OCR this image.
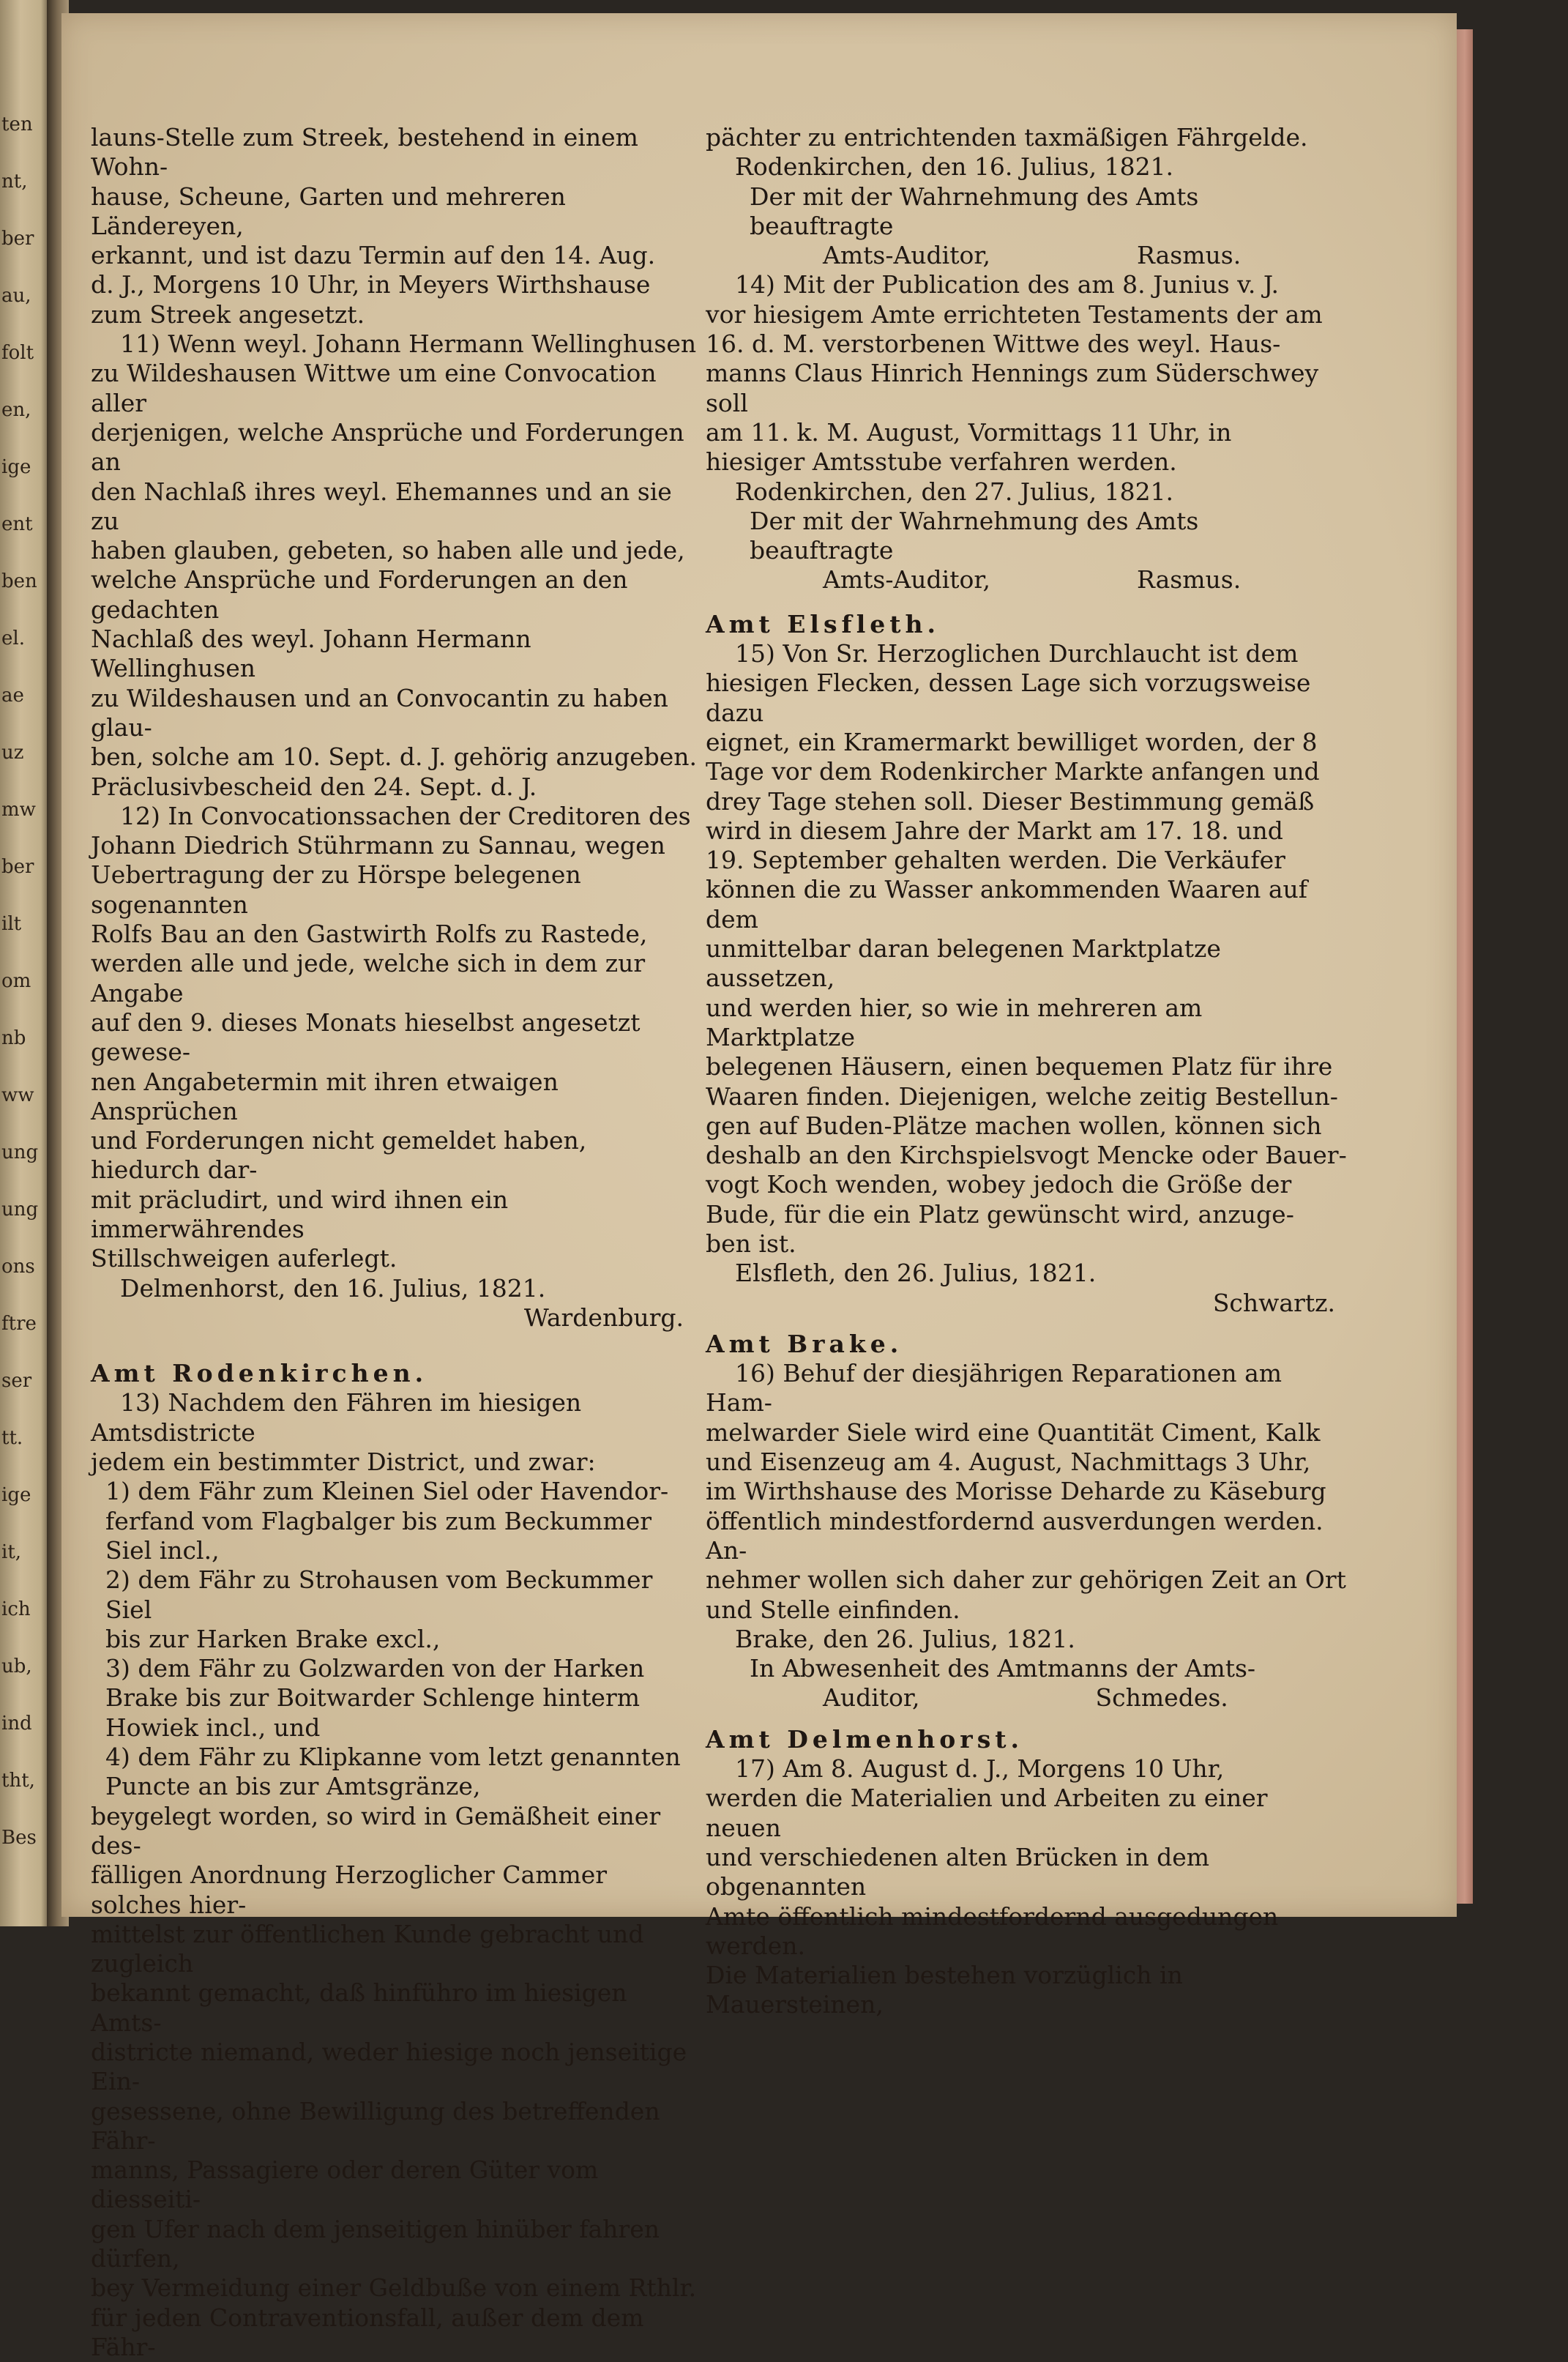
ten
nt,
ber
au,
folt
en,
ige
ent
ben
el.
ae
uz
mw
ber
ilt
om
nb
ww
ung
ung
ons
ftre
ser
tt.
ige
it,
ich
ub,
ind
tht,
Bes

launs-Stelle zum Streek, bestehend in einem Wohn-
hause, Scheune, Garten und mehreren Ländereyen,
erkannt, und ist dazu Termin auf den 14. Aug.
d. J., Morgens 10 Uhr, in Meyers Wirthshause
zum Streek angesetzt.

11) Wenn weyl. Johann Hermann Wellinghusen
zu Wildeshausen Wittwe um eine Convocation aller
derjenigen, welche Ansprüche und Forderungen an
den Nachlaß ihres weyl. Ehemannes und an sie zu
haben glauben, gebeten, so haben alle und jede,
welche Ansprüche und Forderungen an den gedachten
Nachlaß des weyl. Johann Hermann Wellinghusen
zu Wildeshausen und an Convocantin zu haben glau-
ben, solche am 10. Sept. d. J. gehörig anzugeben.
Präclusivbescheid den 24. Sept. d. J.

12) In Convocationssachen der Creditoren des
Johann Diedrich Stührmann zu Sannau, wegen
Uebertragung der zu Hörspe belegenen sogenannten
Rolfs Bau an den Gastwirth Rolfs zu Rastede,
werden alle und jede, welche sich in dem zur Angabe
auf den 9. dieses Monats hieselbst angesetzt gewese-
nen Angabetermin mit ihren etwaigen Ansprüchen
und Forderungen nicht gemeldet haben, hiedurch dar-
mit präcludirt, und wird ihnen ein immerwährendes
Stillschweigen auferlegt.

Delmenhorst, den 16. Julius, 1821.

Wardenburg.

Amt Rodenkirchen.

13) Nachdem den Fähren im hiesigen Amtsdistricte
jedem ein bestimmter District, und zwar:

1) dem Fähr zum Kleinen Siel oder Havendor-
ferfand vom Flagbalger bis zum Beckummer
Siel incl.,

2) dem Fähr zu Strohausen vom Beckummer Siel
bis zur Harken Brake excl.,

3) dem Fähr zu Golzwarden von der Harken
Brake bis zur Boitwarder Schlenge hinterm
Howiek incl., und

4) dem Fähr zu Klipkanne vom letzt genannten
Puncte an bis zur Amtsgränze,

beygelegt worden, so wird in Gemäßheit einer des-
fälligen Anordnung Herzoglicher Cammer solches hier-
mittelst zur öffentlichen Kunde gebracht und zugleich
bekannt gemacht, daß hinführo im hiesigen Amts-
districte niemand, weder hiesige noch jenseitige Ein-
gesessene, ohne Bewilligung des betreffenden Fähr-
manns, Passagiere oder deren Güter vom diesseiti-
gen Ufer nach dem jenseitigen hinüber fahren dürfen,
bey Vermeidung einer Geldbuße von einem Rthlr.
für jeden Contraventionsfall, außer dem dem Fähr-

pächter zu entrichtenden taxmäßigen Fährgelde.

Rodenkirchen, den 16. Julius, 1821.

Der mit der Wahrnehmung des Amts beauftragte

Amts-Auditor,	Rasmus.

14) Mit der Publication des am 8. Junius v. J.
vor hiesigem Amte errichteten Testaments der am
16. d. M. verstorbenen Wittwe des weyl. Haus-
manns Claus Hinrich Hennings zum Süderschwey soll
am 11. k. M. August, Vormittags 11 Uhr, in
hiesiger Amtsstube verfahren werden.

Rodenkirchen, den 27. Julius, 1821.

Der mit der Wahrnehmung des Amts beauftragte

Amts-Auditor,	Rasmus.

Amt Elsfleth.

15) Von Sr. Herzoglichen Durchlaucht ist dem
hiesigen Flecken, dessen Lage sich vorzugsweise dazu
eignet, ein Kramermarkt bewilliget worden, der 8
Tage vor dem Rodenkircher Markte anfangen und
drey Tage stehen soll. Dieser Bestimmung gemäß
wird in diesem Jahre der Markt am 17. 18. und
19. September gehalten werden. Die Verkäufer
können die zu Wasser ankommenden Waaren auf dem
unmittelbar daran belegenen Marktplatze aussetzen,
und werden hier, so wie in mehreren am Marktplatze
belegenen Häusern, einen bequemen Platz für ihre
Waaren finden. Diejenigen, welche zeitig Bestellun-
gen auf Buden-Plätze machen wollen, können sich
deshalb an den Kirchspielsvogt Mencke oder Bauer-
vogt Koch wenden, wobey jedoch die Größe der
Bude, für die ein Platz gewünscht wird, anzuge-
ben ist.

Elsfleth, den 26. Julius, 1821.

Schwartz.

Amt Brake.

16) Behuf der diesjährigen Reparationen am Ham-
melwarder Siele wird eine Quantität Ciment, Kalk
und Eisenzeug am 4. August, Nachmittags 3 Uhr,
im Wirthshause des Morisse Deharde zu Käseburg
öffentlich mindestfordernd ausverdungen werden. An-
nehmer wollen sich daher zur gehörigen Zeit an Ort
und Stelle einfinden.

Brake, den 26. Julius, 1821.

In Abwesenheit des Amtmanns der Amts-

Auditor,	Schmedes.

Amt Delmenhorst.

17) Am 8. August d. J., Morgens 10 Uhr,
werden die Materialien und Arbeiten zu einer neuen
und verschiedenen alten Brücken in dem obgenannten
Amte öffentlich mindestfordernd ausgedungen werden.
Die Materialien bestehen vorzüglich in Mauersteinen,
